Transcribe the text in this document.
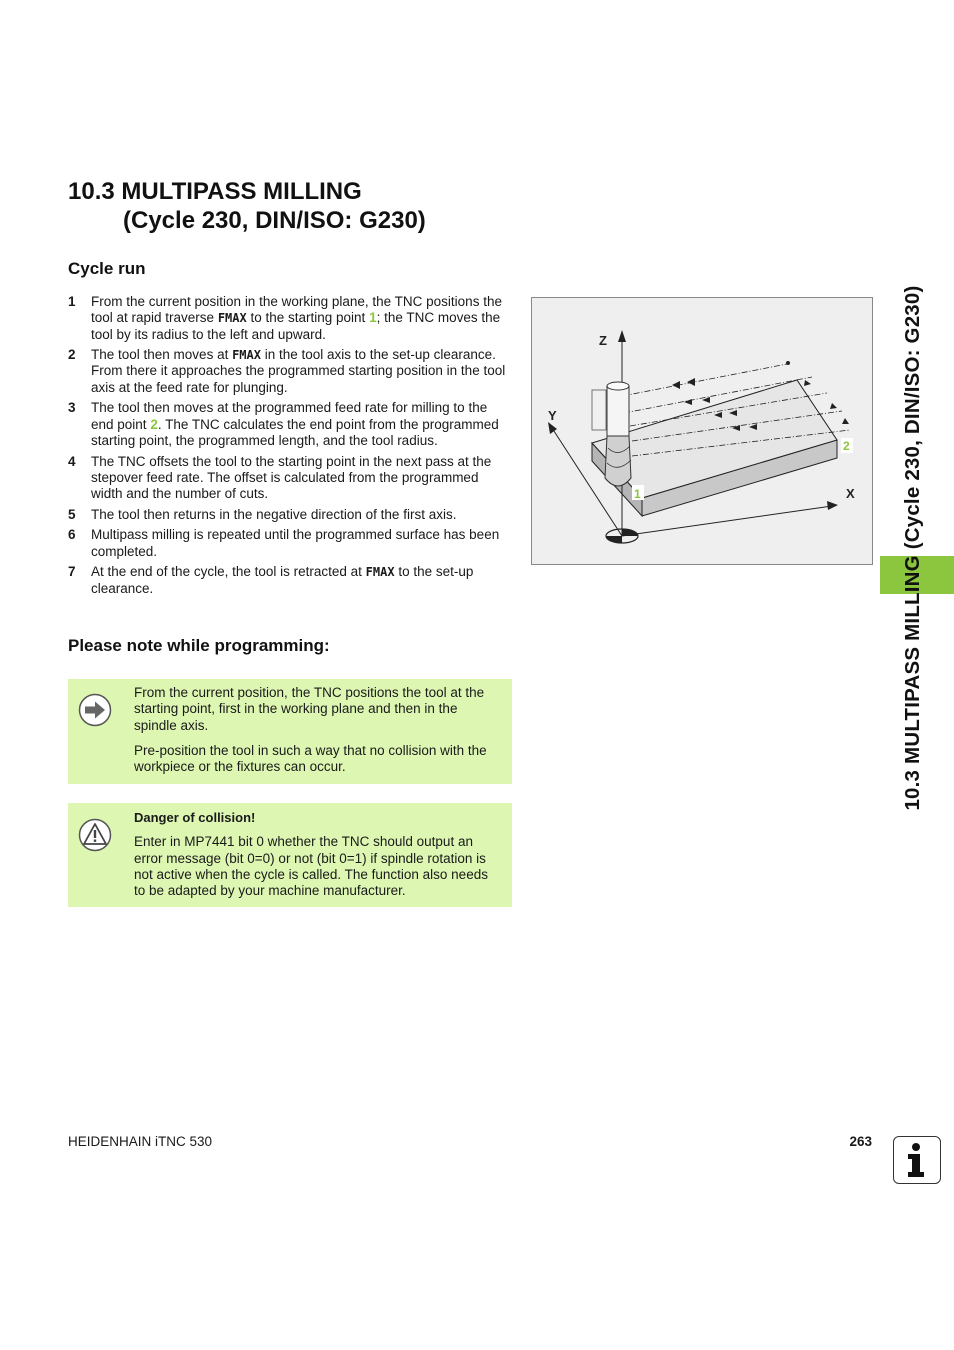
10.3 MULTIPASS MILLING
(Cycle 230, DIN/ISO: G230)
Cycle run
1 From the current position in the working plane, the TNC positions the tool at rapid traverse FMAX to the starting point 1; the TNC moves the tool by its radius to the left and upward.
2 The tool then moves at FMAX in the tool axis to the set-up clearance. From there it approaches the programmed starting position in the tool axis at the feed rate for plunging.
3 The tool then moves at the programmed feed rate for milling to the end point 2. The TNC calculates the end point from the programmed starting point, the programmed length, and the tool radius.
4 The TNC offsets the tool to the starting point in the next pass at the stepover feed rate. The offset is calculated from the programmed width and the number of cuts.
5 The tool then returns in the negative direction of the first axis.
6 Multipass milling is repeated until the programmed surface has been completed.
7 At the end of the cycle, the tool is retracted at FMAX to the set-up clearance.
Please note while programming:

From the current position, the TNC positions the tool at the starting point, first in the working plane and then in the spindle axis.

Pre-position the tool in such a way that no collision with the workpiece or the fixtures can occur.

Danger of collision!

Enter in MP7441 bit 0 whether the TNC should output an error message (bit 0=0) or not (bit 0=1) if spindle rotation is not active when the cycle is called. The function also needs to be adapted by your machine manufacturer.

Z
Y
X
1
2	10.3 MULTIPASS MILLING (Cycle 230, DIN/ISO: G230)
HEIDENHAIN iTNC 530	263
